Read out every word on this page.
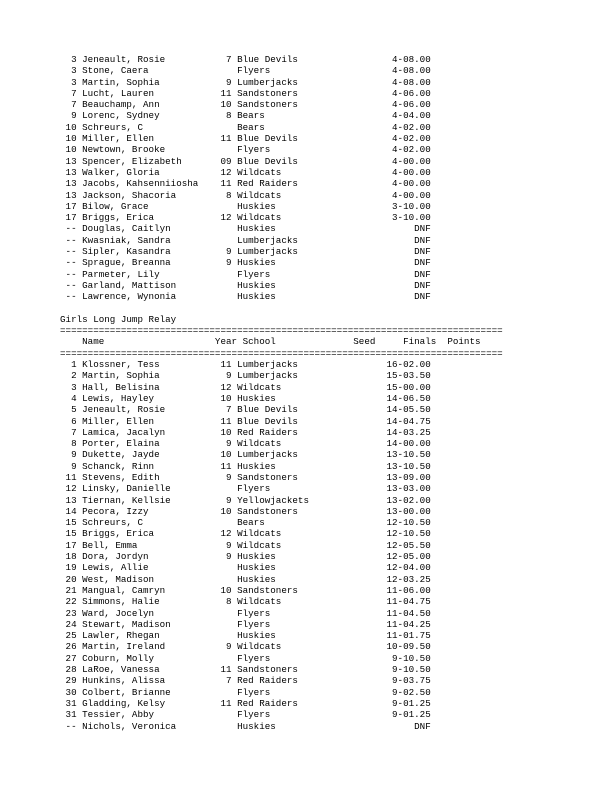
3 Jeneault, Rosie           7 Blue Devils                 4-08.00
3 Stone, Caera                Flyers                      4-08.00
3 Martin, Sophia            9 Lumberjacks                 4-08.00
7 Lucht, Lauren            11 Sandstoners                 4-06.00
7 Beauchamp, Ann           10 Sandstoners                 4-06.00
9 Lorenc, Sydney            8 Bears                       4-04.00
10 Schreurs, C                 Bears                       4-02.00
10 Miller, Ellen            11 Blue Devils                 4-02.00
10 Newtown, Brooke             Flyers                      4-02.00
13 Spencer, Elizabeth       09 Blue Devils                 4-00.00
13 Walker, Gloria           12 Wildcats                    4-00.00
13 Jacobs, Kahsenniiosha    11 Red Raiders                 4-00.00
13 Jackson, Shacoria         8 Wildcats                    4-00.00
17 Bilow, Grace                Huskies                     3-10.00
17 Briggs, Erica            12 Wildcats                    3-10.00
-- Douglas, Caitlyn            Huskies                         DNF
-- Kwasniak, Sandra            Lumberjacks                     DNF
-- Sipler, Kasandra          9 Lumberjacks                     DNF
-- Sprague, Breanna          9 Huskies                         DNF
-- Parmeter, Lily              Flyers                          DNF
-- Garland, Mattison           Huskies                         DNF
-- Lawrence, Wynonia           Huskies                         DNF
Girls Long Jump Relay
================================================================================
Name                    Year School              Seed     Finals  Points
================================================================================
1 Klossner, Tess           11 Lumberjacks                16-02.00
2 Martin, Sophia            9 Lumberjacks                15-03.50
3 Hall, Belisina           12 Wildcats                   15-00.00
4 Lewis, Hayley            10 Huskies                    14-06.50
5 Jeneault, Rosie           7 Blue Devils                14-05.50
6 Miller, Ellen            11 Blue Devils                14-04.75
7 Lamica, Jacalyn          10 Red Raiders                14-03.25
8 Porter, Elaina            9 Wildcats                   14-00.00
9 Dukette, Jayde           10 Lumberjacks                13-10.50
9 Schanck, Rinn            11 Huskies                    13-10.50
11 Stevens, Edith            9 Sandstoners                13-09.00
12 Linsky, Danielle            Flyers                     13-03.00
13 Tiernan, Kellsie          9 Yellowjackets              13-02.00
14 Pecora, Izzy             10 Sandstoners                13-00.00
15 Schreurs, C                 Bears                      12-10.50
15 Briggs, Erica            12 Wildcats                   12-10.50
17 Bell, Emma                9 Wildcats                   12-05.50
18 Dora, Jordyn              9 Huskies                    12-05.00
19 Lewis, Allie                Huskies                    12-04.00
20 West, Madison               Huskies                    12-03.25
21 Mangual, Camryn          10 Sandstoners                11-06.00
22 Simmons, Halie            8 Wildcats                   11-04.75
23 Ward, Jocelyn               Flyers                     11-04.50
24 Stewart, Madison            Flyers                     11-04.25
25 Lawler, Rhegan              Huskies                    11-01.75
26 Martin, Ireland           9 Wildcats                   10-09.50
27 Coburn, Molly               Flyers                      9-10.50
28 LaRoe, Vanessa           11 Sandstoners                 9-10.50
29 Hunkins, Alissa           7 Red Raiders                 9-03.75
30 Colbert, Brianne            Flyers                      9-02.50
31 Gladding, Kelsy          11 Red Raiders                 9-01.25
31 Tessier, Abby               Flyers                      9-01.25
-- Nichols, Veronica           Huskies                         DNF
